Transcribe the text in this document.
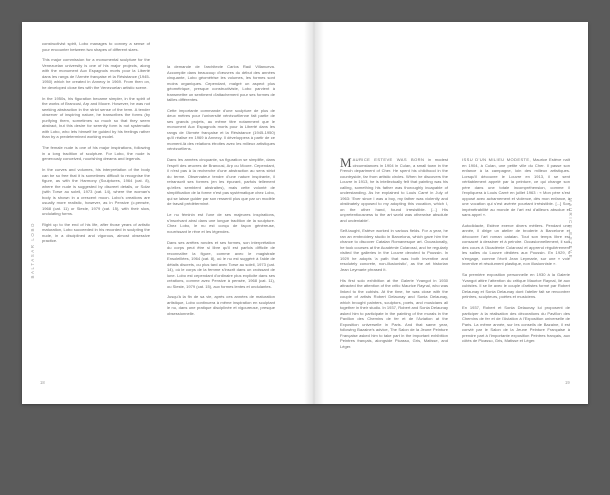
BALTASAR LOBO	MAURICE ESTEVE
18	19

constructivist spirit, Lobo manages to convey a sense of your encounter between two shapes of different sizes.

This major commission for a monumental sculpture for the Venezuelan university is one of his major projects, along with the monument Aux Espagnols morts pour la Liberté dans les rangs de l'Armée française et la Résistance (1945-1950) which he created in Annecy in 1969. From then on, he developed close ties with the Venezuelan artistic scene.

In the 1950s, his figuration became simpler, in the spirit of the works of Brancusi, Arp and Moore. However, he was not seeking abstraction in the strict sense of the term. A tender observer of inspiring nature, he transcribes the forms (by purifying them, sometimes so much so that they seem abstract, but this desire for serenity form is not systematic with Lobo, who lets himself be guided by his feelings rather than by a predetermined working model.

The female nude is one of his major inspirations, following in a long tradition of sculpture. For Lobo, the nude is generously conceived, nourishing dreams and legends.

In the curves and volumes, his interpretation of the body can be so free that it is sometimes difficult to recognise the figure, as with the Harmony (Sculptures, 1964 (cat. 8), where the nude is suggested by discreet details, or Solar (with Torse au soleil, 1973 (cat. 14), where the woman's body is shown in a crescent moon. Lobo's creations are usually more realistic, however, as in Pensive (c.pensée, 1968 (cat. 11) or Sieste, 1979 (cat. 15), with their slow, undulating forms.

Right up to the end of his life, after those years of artistic maturation, Lobo succeeded in his recorded in sculpting the nude, in a disciplined and vigorous, almost obsessive practice.

la demande de l'architecte Carlos Raúl Villanueva. Accomplie dans beaucoup d'œuvres du début des années cinquante, Lobo géométrise les volumes, les formes sont moins organiques. Cependant, malgré un aspect plus géométrique, presque constructiviste, Lobo parvient à transmettre un sentiment d'attachement pour ses formes de tailles différentes.

Cette importante commande d'une sculpture de plus de deux mètres pour l'université vénézuélienne fait partie de ses grands projets, au même titre notamment que le monument Aux Espagnols morts pour la Liberté dans les rangs de l'Armée française et la Résistance (1945-1950) qu'il réalise en 1969 à Annecy. Il développera à partir de ce moment-là des relations étroites avec les milieux artistiques vénézuéliens.

Dans les années cinquante, sa figuration se simplifie, dans l'esprit des œuvres de Brancusi, Arp ou Moore. Cependant, il n'est pas à la recherche d'une abstraction au sens strict du terme. Observateur tendre d'une nature inspirante, il retranscrit ses formes (en les épurant, parfois tellement qu'elles semblent abstraites), mais cette volonté de simplification de la forme n'est pas systématique chez Lobo, qui se laisse guider par son ressenti plus que par un modèle de travail prédéterminé.

Le nu féminin est l'une de ses majeures inspirations, s'inscrivant ainsi dans une longue tradition de la sculpture. Chez Lobo, le nu est conçu de façon généreuse, nourrissant le rêve et les légendes.

Dans ses arrêtes rondes et ses formes, son interprétation du corps peut être si libre qu'il est parfois difficile de reconnaître la figure, comme avec le magistrale Ensoleillées, 1964 (cat. 8), où le nu est suggéré à l'aide de détails discrets, ou plus tard avec Torse au soleil, 1973 (cat. 14), où le corps de la femme s'inscrit dans un croissant de lune. Lobo est cependant d'ordinaire plus explicite dans ses créations, comme avec Pensive à pensée, 1968 (cat. 11), ou Sieste, 1979 (cat. 15), aux formes lentes et ondulantes.

Jusqu'à la fin de sa vie, après ces années de maturation artistique, Lobo continuera à même inspiration en sculptant le nu, dans une pratique disciplinée et vigoureuse, presque obsessionnelle.

MAURICE ESTEVE WAS BORN in modest circumstances in 1904 in Culan, a small town in the French department of Cher. He spent his childhood in the countryside, far from artistic circles. When he discovers the Louvre in 1913, he is intellectually felt that painting was his calling, something his father was thoroughly incapable of understanding. As he explained to Louis Carré in July of 1963: 'Ever since I was a boy, my father was violently and obstinately opposed to my adopting this vocation, which I, on the other hand, found irresistible. [...] His unpretentiousness to the art world was otherwise absolute and undeniable'.

Self-taught, Estève worked in various fields. For a year, he ran an embroidery studio in Barcelona, which gave him the chance to discover Catalan Romanesque art. Occasionally, he took courses at the Académie Colarossi, and he regularly visited the galleries in the Louvre devoted to Poussin. In 1929 he adopts 'a path that was both inventive and resolutely concrete, non-illusionistic', as the art historian Jean Leymarie phrased it.

His first solo exhibition at the Galerie Yvangot in 1930 attracted the attention of the critic Maurice Raynal, who was linked to the cubists. At the time, he was close with the couple of artists Robert Delaunay and Sonia Delaunay, which brought painters, sculptors, poets, and musicians all together in their studio. In 1937, Robert and Sonia Delaunay asked him to participate in the painting of the murals in the Pavillon des Chemins de fer et de l'Aviation at the Exposition universelle in Paris. And that same year, following Bazaine's advice, The Salon de la Jeune Peinture Française asked him to take part in the important exhibition Peintres français, alongside Picasso, Gris, Matisse, and Léger.

ISSU D'UN MILIEU MODESTE, Maurice Estève naît en 1904, à Culan, une petite ville du Cher. Il passe son enfance à la campagne, loin des milieux artistiques. Lorsqu'il découvre le Louvre en 1913, il se sent véritablement appelé par la peinture, ce qui change son père dans une totale incompréhension, comme il l'expliquera à Louis Carré en juillet 1963 : « Mon père s'est opposé avec acharnement et violence, dès mon enfance, à une vocation qui s'est avérée pourtant irrésistible. [...] Son impénétrabilité au monde de l'art est d'ailleurs absolue et sans appel ».

Autodidacte, Estève exerce divers métiers. Pendant une année, il dirige un atelier de broderie à Barcelone et découvre l'art roman catalan. Tout son temps libre est consacré à dessiner et à peindre. Occasionnellement, il suit des cours à l'Académie Colarossi et apprend régulièrement les salles du Louvre dédiées aux Poussin. En 1929, il s'engage, comme l'écrit Jean Leymarie, sur une « voie inventive et résolument plastique, non illusionniste ».

Sa première exposition personnelle en 1930 à la Galerie Yvangot attire l'attention du critique Maurice Raynal, lié aux cubistes. Il se lie avec le couple d'artistes formé par Robert Delaunay et Sonia Delaunay dont l'atelier fait se rencontrer peintres, sculpteurs, poètes et musiciens.

En 1937, Robert et Sonia Delaunay lui proposent de participer à la réalisation des décorations du Pavillon des Chemins de fer et de l'Aviation à l'Exposition universelle de Paris. La même année, sur les conseils de Bazaine, il est convié par le Salon de la Jeune Peinture Française à prendre part à l'importante exposition Peintres français, aux côtés de Picasso, Gris, Matisse et Léger.
